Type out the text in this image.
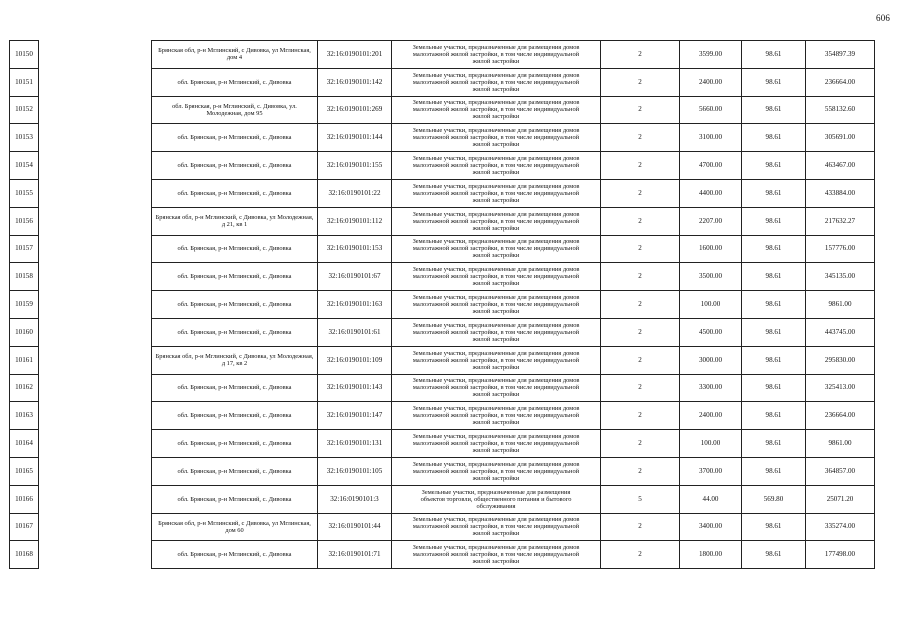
606
10150		Брянская обл, р-н Мглинский, с Дивовка, ул Мглинская, дом 4	32:16:0190101:201	Земельные участки, предназначенные для размещения домов
малоэтажной жилой застройки, в том числе индивидуальной
жилой застройки	2	3599.00	98.61	354897.39
10151		обл. Брянская, р-н Мглинский, с. Дивовка	32:16:0190101:142	Земельные участки, предназначенные для размещения домов
малоэтажной жилой застройки, в том числе индивидуальной
жилой застройки	2	2400.00	98.61	236664.00
10152		обл. Брянская, р-н Мглинский, с. Дивовка, ул. Молодежная, дом 95	32:16:0190101:269	Земельные участки, предназначенные для размещения домов
малоэтажной жилой застройки, в том числе индивидуальной
жилой застройки	2	5660.00	98.61	558132.60
10153		обл. Брянская, р-н Мглинский, с. Дивовка	32:16:0190101:144	Земельные участки, предназначенные для размещения домов
малоэтажной жилой застройки, в том числе индивидуальной
жилой застройки	2	3100.00	98.61	305691.00
10154		обл. Брянская, р-н Мглинский, с. Дивовка	32:16:0190101:155	Земельные участки, предназначенные для размещения домов
малоэтажной жилой застройки, в том числе индивидуальной
жилой застройки	2	4700.00	98.61	463467.00
10155		обл. Брянская, р-н Мглинский, с. Дивовка	32:16:0190101:22	Земельные участки, предназначенные для размещения домов
малоэтажной жилой застройки, в том числе индивидуальной
жилой застройки	2	4400.00	98.61	433884.00
10156		Брянская обл, р-н Мглинский, с Дивовка, ул Молодежная, д 21, кв 1	32:16:0190101:112	Земельные участки, предназначенные для размещения домов
малоэтажной жилой застройки, в том числе индивидуальной
жилой застройки	2	2207.00	98.61	217632.27
10157		обл. Брянская, р-н Мглинский, с. Дивовка	32:16:0190101:153	Земельные участки, предназначенные для размещения домов
малоэтажной жилой застройки, в том числе индивидуальной
жилой застройки	2	1600.00	98.61	157776.00
10158		обл. Брянская, р-н Мглинский, с. Дивовка	32:16:0190101:67	Земельные участки, предназначенные для размещения домов
малоэтажной жилой застройки, в том числе индивидуальной
жилой застройки	2	3500.00	98.61	345135.00
10159		обл. Брянская, р-н Мглинский, с. Дивовка	32:16:0190101:163	Земельные участки, предназначенные для размещения домов
малоэтажной жилой застройки, в том числе индивидуальной
жилой застройки	2	100.00	98.61	9861.00
10160		обл. Брянская, р-н Мглинский, с. Дивовка	32:16:0190101:61	Земельные участки, предназначенные для размещения домов
малоэтажной жилой застройки, в том числе индивидуальной
жилой застройки	2	4500.00	98.61	443745.00
10161		Брянская обл, р-н Мглинский, с Дивовка, ул Молодежная, д 17, кв 2	32:16:0190101:109	Земельные участки, предназначенные для размещения домов
малоэтажной жилой застройки, в том числе индивидуальной
жилой застройки	2	3000.00	98.61	295830.00
10162		обл. Брянская, р-н Мглинский, с. Дивовка	32:16:0190101:143	Земельные участки, предназначенные для размещения домов
малоэтажной жилой застройки, в том числе индивидуальной
жилой застройки	2	3300.00	98.61	325413.00
10163		обл. Брянская, р-н Мглинский, с. Дивовка	32:16:0190101:147	Земельные участки, предназначенные для размещения домов
малоэтажной жилой застройки, в том числе индивидуальной
жилой застройки	2	2400.00	98.61	236664.00
10164		обл. Брянская, р-н Мглинский, с. Дивовка	32:16:0190101:131	Земельные участки, предназначенные для размещения домов
малоэтажной жилой застройки, в том числе индивидуальной
жилой застройки	2	100.00	98.61	9861.00
10165		обл. Брянская, р-н Мглинский, с. Дивовка	32:16:0190101:105	Земельные участки, предназначенные для размещения домов
малоэтажной жилой застройки, в том числе индивидуальной
жилой застройки	2	3700.00	98.61	364857.00
10166		обл. Брянская, р-н Мглинский, с. Дивовка	32:16:0190101:3	Земельные участки, предназначенные для размещения
объектов торговли, общественного питания и бытового
обслуживания	5	44.00	569.80	25071.20
10167		Брянская обл, р-н Мглинский, с Дивовка, ул Мглинская, дом 60	32:16:0190101:44	Земельные участки, предназначенные для размещения домов
малоэтажной жилой застройки, в том числе индивидуальной
жилой застройки	2	3400.00	98.61	335274.00
10168		обл. Брянская, р-н Мглинский, с. Дивовка	32:16:0190101:71	Земельные участки, предназначенные для размещения домов
малоэтажной жилой застройки, в том числе индивидуальной
жилой застройки	2	1800.00	98.61	177498.00
